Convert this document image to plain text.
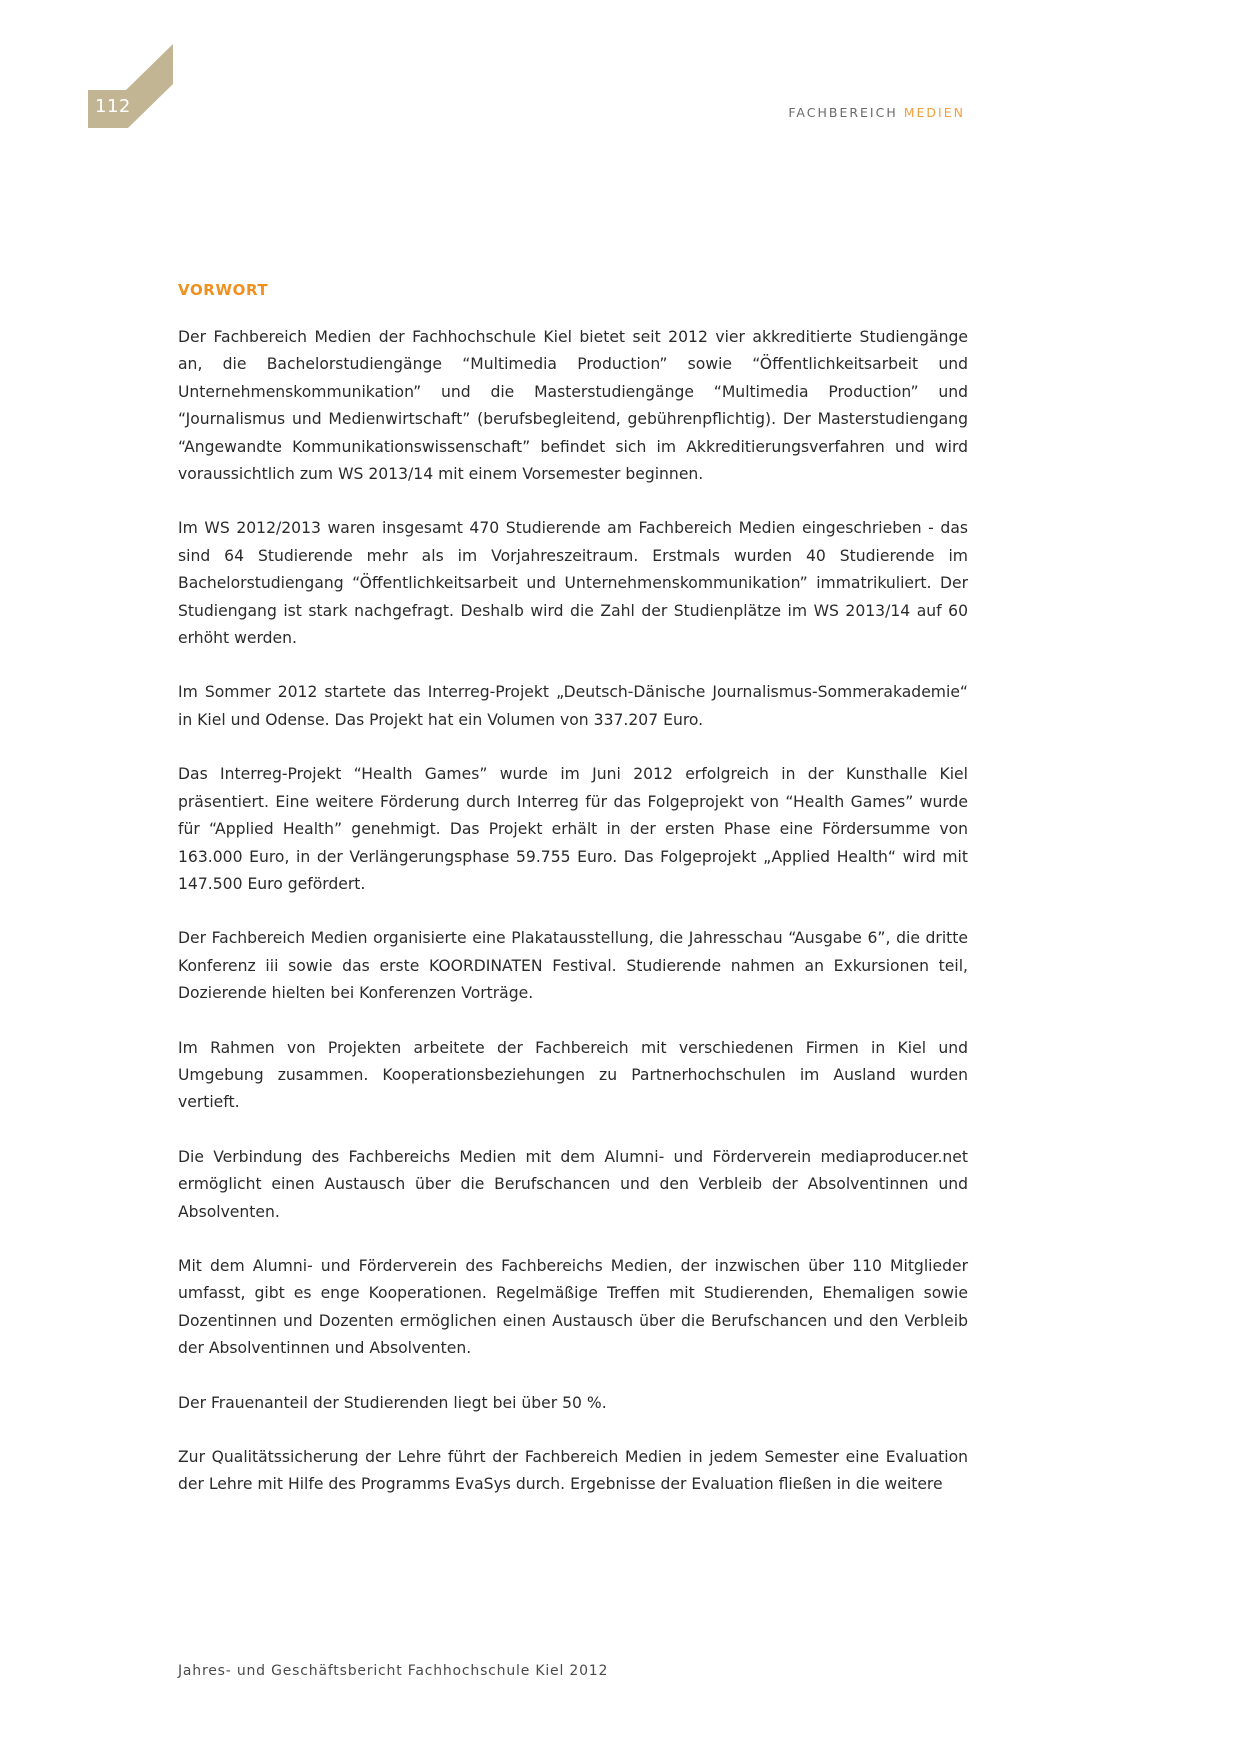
112	FACHBEREICH MEDIEN
VORWORT

Der Fachbereich Medien der Fachhochschule Kiel bietet seit 2012 vier akkreditierte Studiengänge an, die Bachelorstudiengänge “Multimedia Production” sowie “Öffentlichkeitsarbeit und Unternehmenskommunikation” und die Masterstudiengänge “Multimedia Production” und “Journalismus und Medienwirtschaft” (berufsbegleitend, gebührenpflichtig). Der Masterstudiengang “Angewandte Kommunikationswissenschaft” befindet sich im Akkreditierungsverfahren und wird voraussichtlich zum WS 2013/14 mit einem Vorsemester beginnen.

Im WS 2012/2013 waren insgesamt 470 Studierende am Fachbereich Medien eingeschrieben - das sind 64 Studierende mehr als im Vorjahreszeitraum. Erstmals wurden 40 Studierende im Bachelorstudiengang “Öffentlichkeitsarbeit und Unternehmenskommunikation” immatrikuliert. Der Studiengang ist stark nachgefragt. Deshalb wird die Zahl der Studienplätze im WS 2013/14 auf 60 erhöht werden.

Im Sommer 2012 startete das Interreg-Projekt „Deutsch-Dänische Journalismus-Sommerakademie“ in Kiel und Odense. Das Projekt hat ein Volumen von 337.207 Euro.

Das Interreg-Projekt “Health Games” wurde im Juni 2012 erfolgreich in der Kunsthalle Kiel präsentiert. Eine weitere Förderung durch Interreg für das Folgeprojekt von “Health Games” wurde für “Applied Health” genehmigt. Das Projekt erhält in der ersten Phase eine Fördersumme von 163.000 Euro, in der Verlängerungsphase 59.755 Euro. Das Folgeprojekt „Applied Health“ wird mit 147.500 Euro gefördert.

Der Fachbereich Medien organisierte eine Plakatausstellung, die Jahresschau “Ausgabe 6”, die dritte Konferenz iii sowie das erste KOORDINATEN Festival. Studierende nahmen an Exkursionen teil, Dozierende hielten bei Konferenzen Vorträge.

Im Rahmen von Projekten arbeitete der Fachbereich mit verschiedenen Firmen in Kiel und Umgebung zusammen. Kooperationsbeziehungen zu Partnerhochschulen im Ausland wurden vertieft.

Die Verbindung des Fachbereichs Medien mit dem Alumni- und Förderverein mediaproducer.net ermöglicht einen Austausch über die Berufschancen und den Verbleib der Absolventinnen und Absolventen.

Mit dem Alumni- und Förderverein des Fachbereichs Medien, der inzwischen über 110 Mitglieder umfasst, gibt es enge Kooperationen. Regelmäßige Treffen mit Studierenden, Ehemaligen sowie Dozentinnen und Dozenten ermöglichen einen Austausch über die Berufschancen und den Verbleib der Absolventinnen und Absolventen.

Der Frauenanteil der Studierenden liegt bei über 50 %.

Zur Qualitätssicherung der Lehre führt der Fachbereich Medien in jedem Semester eine Evaluation der Lehre mit Hilfe des Programms EvaSys durch. Ergebnisse der Evaluation fließen in die weitere

Jahres- und Geschäftsbericht Fachhochschule Kiel 2012
